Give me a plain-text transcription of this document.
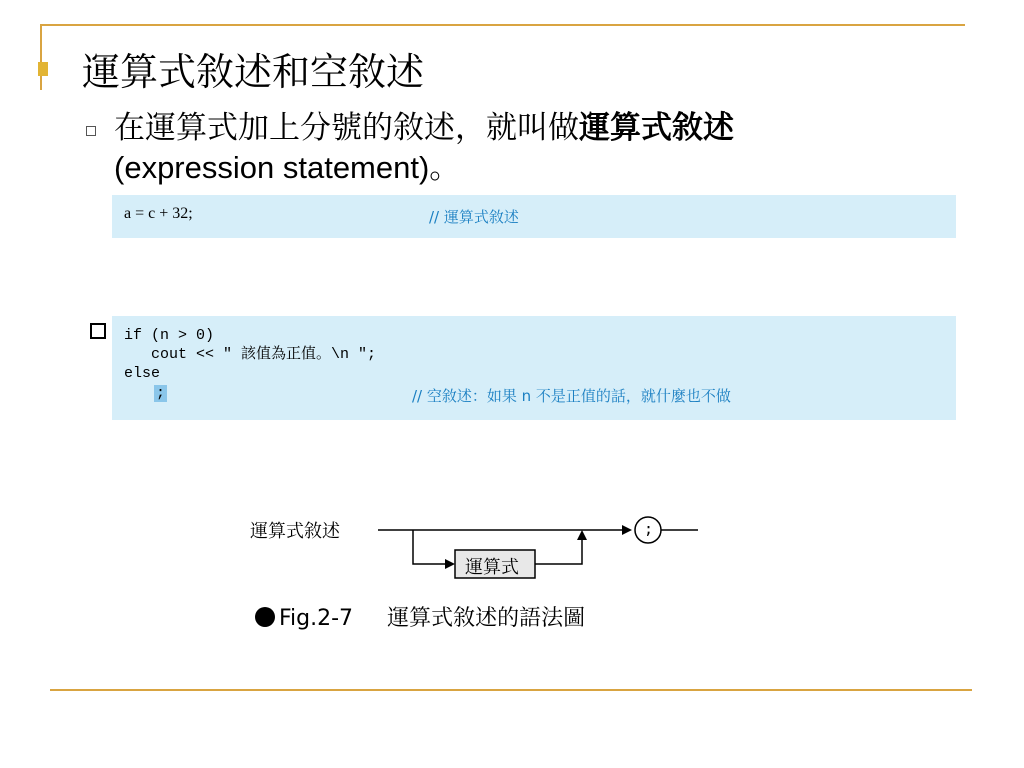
運算式敘述和空敘述
在運算式加上分號的敘述，就叫做運算式敘述
(expression statement)。
a = c + 32;	// 運算式敘述
if (n > 0)
cout << " 該值為正值。\n ";
else
;	// 空敘述：如果 n 不是正值的話，就什麼也不做
運算式敘述
運算式
;
Fig.2-7 運算式敘述的語法圖
